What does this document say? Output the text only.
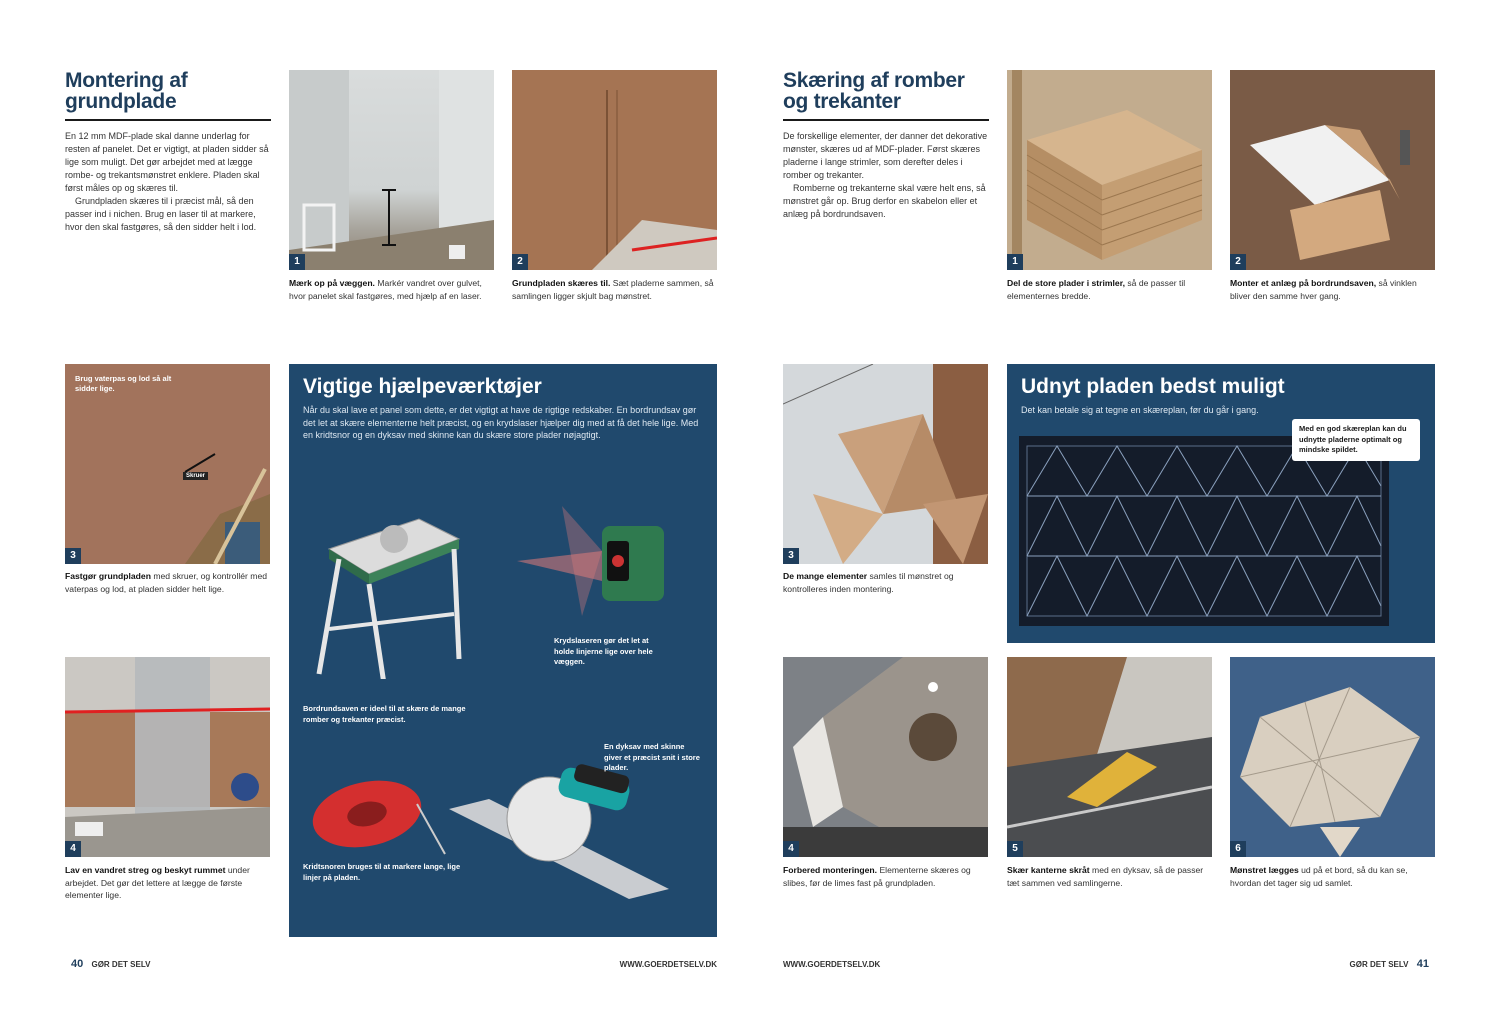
Montering af grundplade

En 12 mm MDF-plade skal danne underlag for resten af panelet. Det er vigtigt, at pladen sidder så lige som muligt. Det gør arbejdet med at lægge rombe- og trekantsmønstret enklere. Pladen skal først måles op og skæres til.

Grundpladen skæres til i præcist mål, så den passer ind i nichen. Brug en laser til at markere, hvor den skal fastgøres, så den sidder helt i lod.

1
Mærk op på væggen. Markér vandret over gulvet, hvor panelet skal fastgøres, med hjælp af en laser.
2
Grundpladen skæres til. Sæt pladerne sammen, så samlingen ligger skjult bag mønstret.
Brug vaterpas og lod så alt sidder lige.
Skruer
3
Fastgør grundpladen med skruer, og kontrollér med vaterpas og lod, at pladen sidder helt lige.
4
Lav en vandret streg og beskyt rummet under arbejdet. Det gør det lettere at lægge de første elementer lige.
Vigtige hjælpeværktøjer
Når du skal lave et panel som dette, er det vigtigt at have de rigtige redskaber. En bordrundsav gør det let at skære elementerne helt præcist, og en krydslaser hjælper dig med at få det hele lige. Med en kridtsnor og en dyksav med skinne kan du skære store plader nøjagtigt.
Bordrundsaven er ideel til at skære de mange romber og trekanter præcist.
Krydslaseren gør det let at holde linjerne lige over hele væggen.
Kridtsnoren bruges til at markere lange, lige linjer på pladen.
En dyksav med skinne giver et præcist snit i store plader.
40 GØR DET SELV	WWW.GOERDETSELV.DK
Skæring af romber og trekanter

De forskellige elementer, der danner det dekorative mønster, skæres ud af MDF-plader. Først skæres pladerne i lange strimler, som derefter deles i romber og trekanter.

Romberne og trekanterne skal være helt ens, så mønstret går op. Brug derfor en skabelon eller et anlæg på bordrundsaven.

1
Del de store plader i strimler, så de passer til elementernes bredde.
2
Monter et anlæg på bordrundsaven, så vinklen bliver den samme hver gang.
3
De mange elementer samles til mønstret og kontrolleres inden montering.
Udnyt pladen bedst muligt
Det kan betale sig at tegne en skæreplan, før du går i gang.
Med en god skæreplan kan du udnytte pladerne optimalt og mindske spildet.
4
Forbered monteringen. Elementerne skæres og slibes, før de limes fast på grundpladen.
5
Skær kanterne skråt med en dyksav, så de passer tæt sammen ved samlingerne.
6
Mønstret lægges ud på et bord, så du kan se, hvordan det tager sig ud samlet.
WWW.GOERDETSELV.DK	GØR DET SELV 41
